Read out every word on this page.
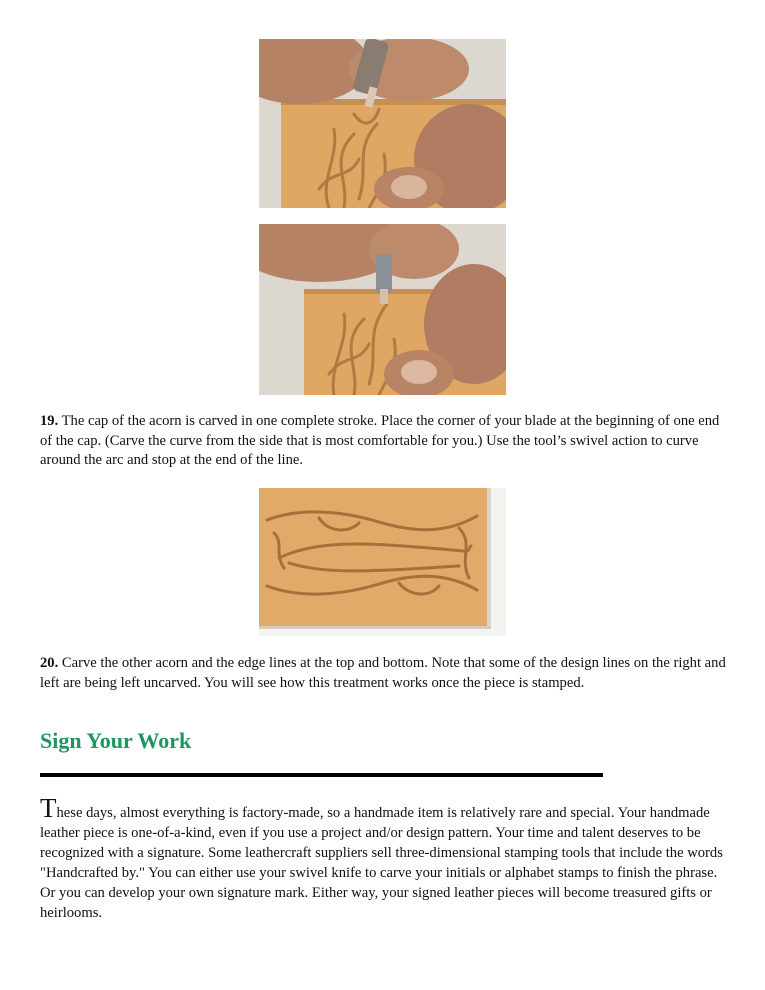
19. The cap of the acorn is carved in one complete stroke. Place the corner of your blade at the beginning of one end of the cap. (Carve the curve from the side that is most comfortable for you.) Use the tool’s swivel action to curve around the arc and stop at the end of the line.

20. Carve the other acorn and the edge lines at the top and bottom. Note that some of the design lines on the right and left are being left uncarved. You will see how this treatment works once the piece is stamped.

Sign Your Work

These days, almost everything is factory-made, so a handmade item is relatively rare and special. Your handmade leather piece is one-of-a-kind, even if you use a project and/or design pattern. Your time and talent deserves to be recognized with a signature. Some leathercraft suppliers sell three-dimensional stamping tools that include the words "Handcrafted by." You can either use your swivel knife to carve your initials or alphabet stamps to finish the phrase. Or you can develop your own signature mark. Either way, your signed leather pieces will become treasured gifts or heirlooms.
